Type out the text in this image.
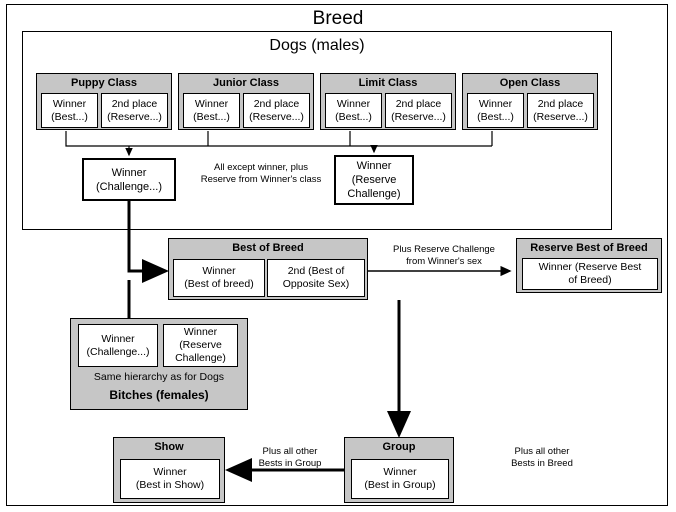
Breed
Dogs (males)
Puppy Class
Winner
(Best...)
2nd place
(Reserve...)
Junior Class
Winner
(Best...)
2nd place
(Reserve...)
Limit Class
Winner
(Best...)
2nd place
(Reserve...)
Open Class
Winner
(Best...)
2nd place
(Reserve...)
Winner
(Challenge...)
Winner
(Reserve
Challenge)
All except winner, plus
Reserve from Winner's class
Best of Breed
Winner
(Best of breed)
2nd (Best of
Opposite Sex)
Reserve Best of Breed
Winner (Reserve Best
of Breed)
Plus Reserve Challenge
from Winner's sex
Winner
(Challenge...)
Winner
(Reserve
Challenge)
Same hierarchy as for Dogs
Bitches (females)
Group
Winner
(Best in Group)
Plus all other
Bests in Breed
Show
Winner
(Best in Show)
Plus all other
Bests in Group
